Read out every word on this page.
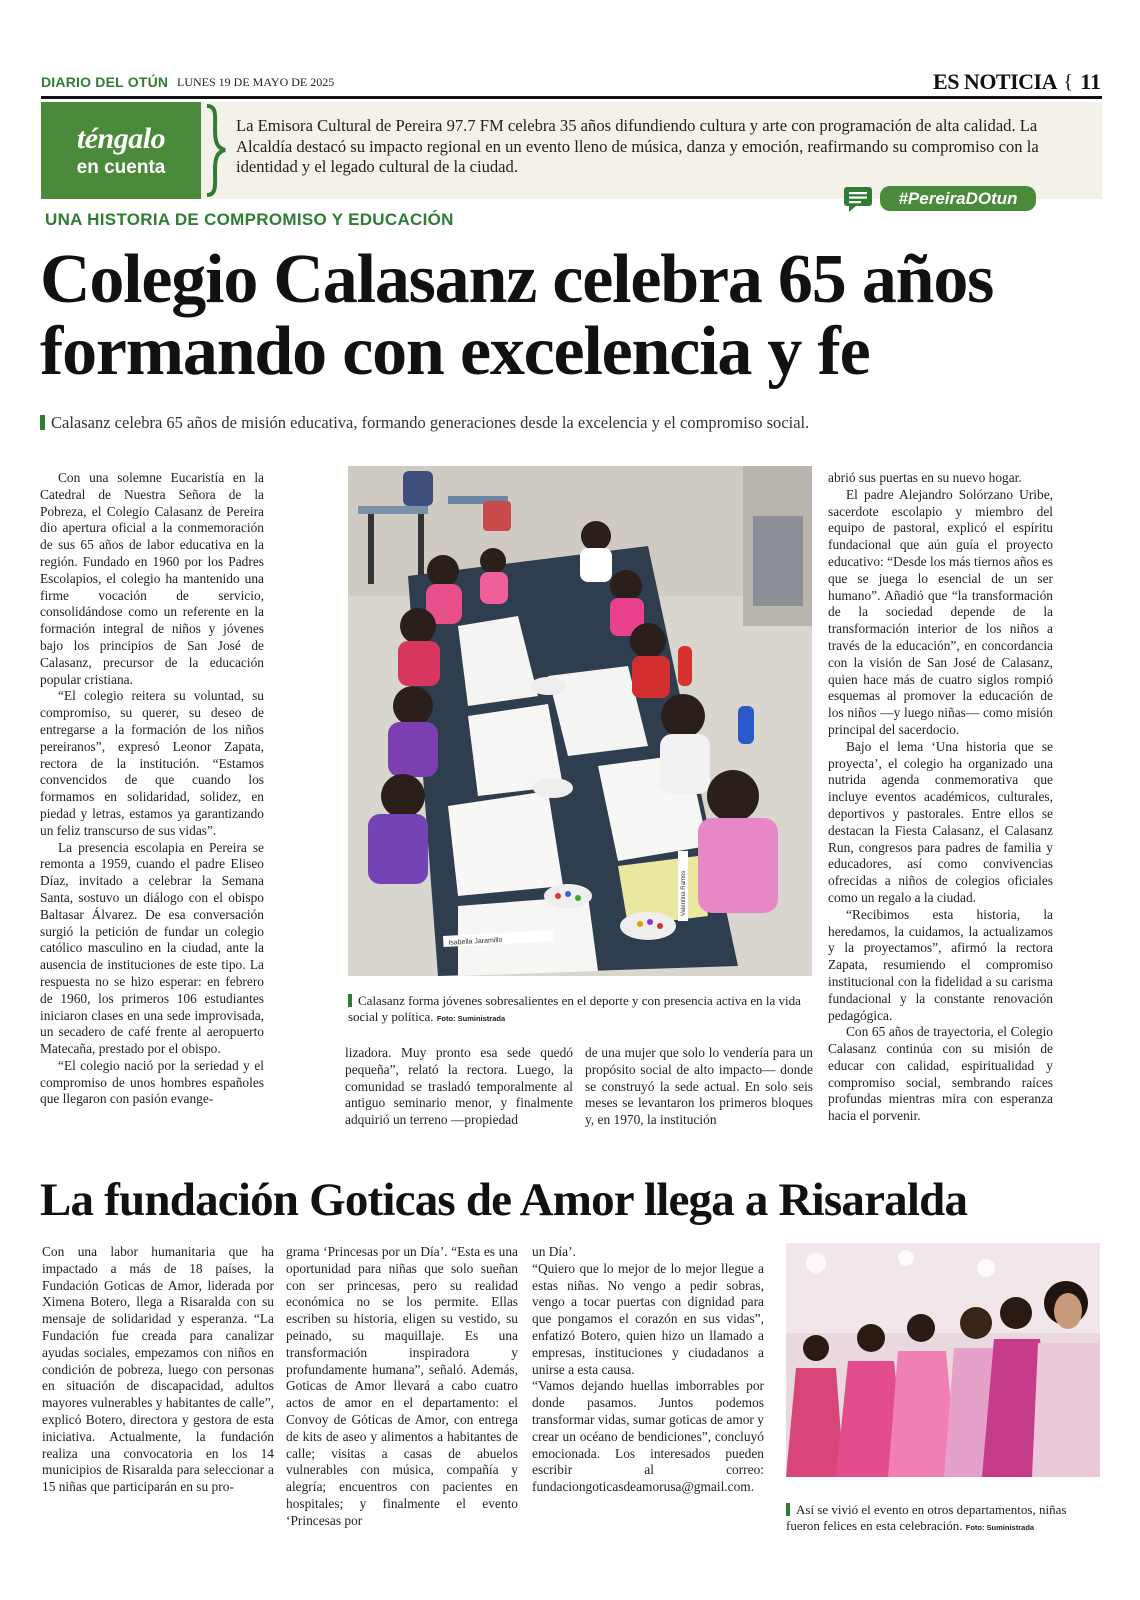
DIARIO DEL OTÚN LUNES 19 DE MAYO DE 2025	ES NOTICIA { 11
téngalo
en cuenta
La Emisora Cultural de Pereira 97.7 FM celebra 35 años difundiendo cultura y arte con programación de alta calidad. La Alcaldía destacó su impacto regional en un evento lleno de música, danza y emoción, reafirmando su compromiso con la identidad y el legado cultural de la ciudad.
#PereiraDOtun
UNA HISTORIA DE COMPROMISO Y EDUCACIÓN
Colegio Calasanz celebra 65 años
formando con excelencia y fe
Calasanz celebra 65 años de misión educativa, formando generaciones desde la excelencia y el compromiso social.

Con una solemne Eucaristía en la Catedral de Nuestra Señora de la Pobreza, el Colegio Calasanz de Pereira dio apertura oficial a la conmemoración de sus 65 años de labor educativa en la región. Fundado en 1960 por los Padres Escolapios, el colegio ha mantenido una firme vocación de servicio, consolidándose como un referente en la formación integral de niños y jóvenes bajo los principios de San José de Calasanz, precursor de la educación popular cristiana.

“El colegio reitera su voluntad, su compromiso, su querer, su deseo de entregarse a la formación de los niños pereiranos”, expresó Leonor Zapata, rectora de la institución. “Estamos convencidos de que cuando los formamos en solidaridad, solidez, en piedad y letras, estamos ya garantizando un feliz transcurso de sus vidas”.

La presencia escolapia en Pereira se remonta a 1959, cuando el padre Eliseo Díaz, invitado a celebrar la Semana Santa, sostuvo un diálogo con el obispo Baltasar Álvarez. De esa conversación surgió la petición de fundar un colegio católico masculino en la ciudad, ante la ausencia de instituciones de este tipo. La respuesta no se hizo esperar: en febrero de 1960, los primeros 106 estudiantes iniciaron clases en una sede improvisada, un secadero de café frente al aeropuerto Matecaña, prestado por el obispo.

“El colegio nació por la seriedad y el compromiso de unos hombres españoles que llegaron con pasión evange-

Isabella Jaramillo
Valentina Ramos
Calasanz forma jóvenes sobresalientes en el deporte y con presencia activa en la vida social y política. Foto: Suministrada
lizadora. Muy pronto esa sede quedó pequeña”, relató la rectora. Luego, la comunidad se trasladó temporalmente al antiguo seminario menor, y finalmente adquirió un terreno —propiedad
de una mujer que solo lo vendería para un propósito social de alto impacto— donde se construyó la sede actual. En solo seis meses se levantaron los primeros bloques y, en 1970, la institución
abrió sus puertas en su nuevo hogar.

El padre Alejandro Solórzano Uribe, sacerdote escolapio y miembro del equipo de pastoral, explicó el espíritu fundacional que aún guía el proyecto educativo: “Desde los más tiernos años es que se juega lo esencial de un ser humano”. Añadió que “la transformación de la sociedad depende de la transformación interior de los niños a través de la educación”, en concordancia con la visión de San José de Calasanz, quien hace más de cuatro siglos rompió esquemas al promover la educación de los niños —y luego niñas— como misión principal del sacerdocio.

Bajo el lema ‘Una historia que se proyecta’, el colegio ha organizado una nutrida agenda conmemorativa que incluye eventos académicos, culturales, deportivos y pastorales. Entre ellos se destacan la Fiesta Calasanz, el Calasanz Run, congresos para padres de familia y educadores, así como convivencias ofrecidas a niños de colegios oficiales como un regalo a la ciudad.

“Recibimos esta historia, la heredamos, la cuidamos, la actualizamos y la proyectamos”, afirmó la rectora Zapata, resumiendo el compromiso institucional con la fidelidad a su carisma fundacional y la constante renovación pedagógica.

Con 65 años de trayectoria, el Colegio Calasanz continúa con su misión de educar con calidad, espiritualidad y compromiso social, sembrando raíces profundas mientras mira con esperanza hacia el porvenir.

La fundación Goticas de Amor llega a Risaralda

Con una labor humanitaria que ha impactado a más de 18 países, la Fundación Goticas de Amor, liderada por Ximena Botero, llega a Risaralda con su mensaje de solidaridad y esperanza. “La Fundación fue creada para canalizar ayudas sociales, empezamos con niños en condición de pobreza, luego con personas en situación de discapacidad, adultos mayores vulnerables y habitantes de calle”, explicó Botero, directora y gestora de esta iniciativa. Actualmente, la fundación realiza una convocatoria en los 14 municipios de Risaralda para seleccionar a 15 niñas que participarán en su pro-

grama ‘Princesas por un Día’. “Esta es una oportunidad para niñas que solo sueñan con ser princesas, pero su realidad económica no se los permite. Ellas escriben su historia, eligen su vestido, su peinado, su maquillaje. Es una transformación inspiradora y profundamente humana”, señaló. Además, Goticas de Amor llevará a cabo cuatro actos de amor en el departamento: el Convoy de Góticas de Amor, con entrega de kits de aseo y alimentos a habitantes de calle; visitas a casas de abuelos vulnerables con música, compañía y alegría; encuentros con pacientes en hospitales; y finalmente el evento ‘Princesas por

un Día’.

“Quiero que lo mejor de lo mejor llegue a estas niñas. No vengo a pedir sobras, vengo a tocar puertas con dignidad para que pongamos el corazón en sus vidas”, enfatizó Botero, quien hizo un llamado a empresas, instituciones y ciudadanos a unirse a esta causa.

“Vamos dejando huellas imborrables por donde pasamos. Juntos podemos transformar vidas, sumar goticas de amor y crear un océano de bendiciones”, concluyó emocionada. Los interesados pueden escribir al correo: fundaciongoticasdeamorusa@gmail.com.

Así se vivió el evento en otros departamentos, niñas fueron felices en esta celebración. Foto: Suministrada
